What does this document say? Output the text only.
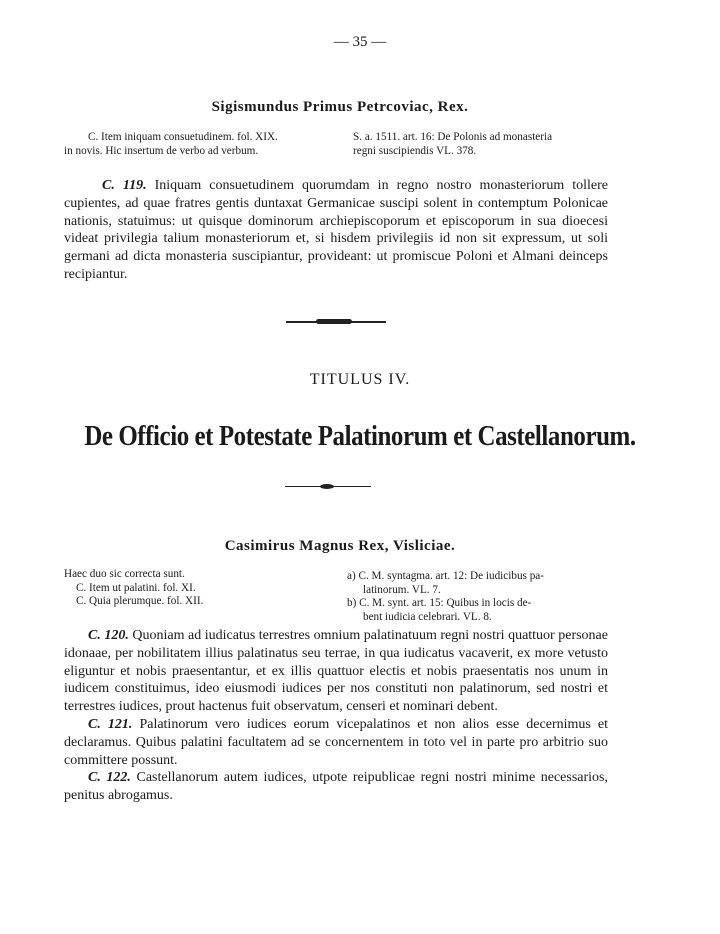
— 35 —
Sigismundus Primus Petrcoviac, Rex.
C. Item iniquam consuetudinem. fol. XIX.
in novis. Hic insertum de verbo ad verbum.
S. a. 1511. art. 16: De Polonis ad monasteria
regni suscipiendis VL. 378.
C. 119. Iniquam consuetudinem quorumdam in regno nostro monasteriorum tollere cupientes, ad quae fratres gentis duntaxat Germanicae suscipi solent in contemptum Polonicae nationis, statuimus: ut quisque dominorum archiepiscoporum et episcoporum in sua dioecesi videat privilegia talium monasteriorum et, si hisdem privilegiis id non sit expressum, ut soli germani ad dicta monasteria suscipiantur, provideant: ut promiscue Poloni et Almani deinceps recipiantur.
TITULUS IV.
De Officio et Potestate Palatinorum et Castellanorum.
Casimirus Magnus Rex, Visliciae.
Haec duo sic correcta sunt.
C. Item ut palatini. fol. XI.
C. Quia plerumque. fol. XII.
a) C. M. syntagma. art. 12: De iudicibus pa-
latinorum. VL. 7.
b) C. M. synt. art. 15: Quibus in locis de-
bent iudicia celebrari. VL. 8.
C. 120. Quoniam ad iudicatus terrestres omnium palatinatuum regni nostri quattuor personae idonaae, per nobilitatem illius palatinatus seu terrae, in qua iudicatus vacaverit, ex more vetusto eliguntur et nobis praesentantur, et ex illis quattuor electis et nobis praesentatis nos unum in iudicem constituimus, ideo eiusmodi iudices per nos constituti non palatinorum, sed nostri et terrestres iudices, prout hactenus fuit observatum, censeri et nominari debent.
C. 121. Palatinorum vero iudices eorum vicepalatinos et non alios esse decernimus et declaramus. Quibus palatini facultatem ad se concernentem in toto vel in parte pro arbitrio suo committere possunt.
C. 122. Castellanorum autem iudices, utpote reipublicae regni nostri minime necessarios, penitus abrogamus.
